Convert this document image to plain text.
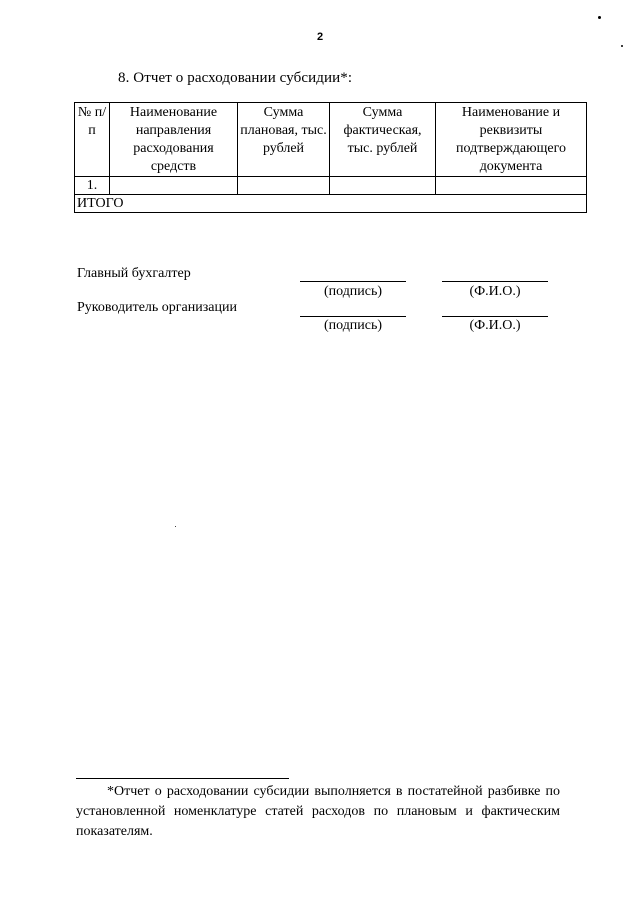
2
8. Отчет о расходовании субсидии*:
№ п/п	Наименование направления расходования средств	Сумма плановая, тыс. рублей	Сумма фактическая, тыс. рублей	Наименование и реквизиты подтверждающего документа
1.				
ИТОГО				
Главный бухгалтер
(подпись)	(Ф.И.О.)
Руководитель организации
(подпись)	(Ф.И.О.)
*Отчет о расходовании субсидии выполняется в постатейной разбивке по установленной номенклатуре статей расходов по плановым и фактическим показателям.
